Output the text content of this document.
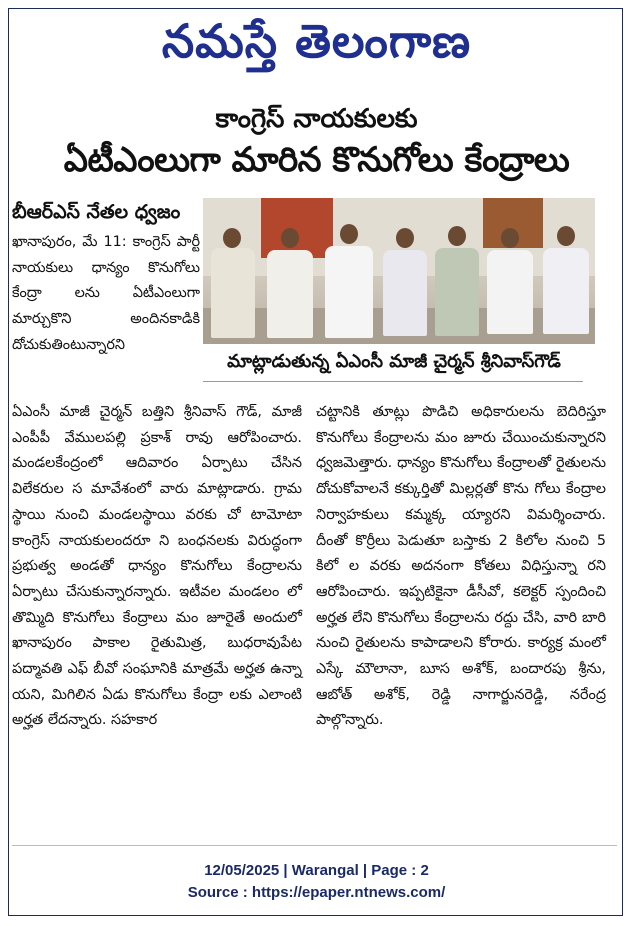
నమస్తే తెలంగాణ
కాంగ్రెస్ నాయకులకు
ఏటీఎంలుగా మారిన కొనుగోలు కేంద్రాలు
బీఆర్ఎస్ నేతల ధ్వజం
ఖానాపురం, మే 11: కాంగ్రెస్ పార్టీ నాయకులు ధాన్యం కొనుగోలు కేంద్రా లను ఏటీఎంలుగా మార్చుకొని అందినకాడికి దోచుకుతింటున్నారని
మాట్లాడుతున్న ఏఎంసీ మాజీ చైర్మన్ శ్రీనివాస్‌గౌడ్
ఏఎంసీ మాజీ చైర్మన్ బత్తిని శ్రీనివాస్ గౌడ్, మాజీ ఎంపీపీ వేములపల్లి ప్రకాశ్ రావు ఆరోపించారు. మండలకేంద్రంలో ఆదివారం ఏర్పాటు చేసిన విలేకరుల స మావేశంలో వారు మాట్లాడారు. గ్రామ స్థాయి నుంచి మండలస్థాయి వరకు చో టామోటా కాంగ్రెస్ నాయకులందరూ ని బంధనలకు విరుద్ధంగా ప్రభుత్వ అండతో ధాన్యం కొనుగోలు కేంద్రాలను ఏర్పాటు చేసుకున్నారన్నారు. ఇటీవల మండలం లో తొమ్మిది కొనుగోలు కేంద్రాలు మం జూరైతే అందులో ఖానాపురం పాకాల రైతుమిత్ర, బుధరావుపేట పద్మావతి ఎఫ్ బీవో సంఘానికి మాత్రమే అర్హత ఉన్నా యని, మిగిలిన ఏడు కొనుగోలు కేంద్రా లకు ఎలాంటి అర్హత లేదన్నారు. సహకార
చట్టానికి తూట్లు పొడిచి అధికారులను బెదిరిస్తూ కొనుగోలు కేంద్రాలను మం జూరు చేయించుకున్నారని ధ్వజమెత్తారు. ధాన్యం కొనుగోలు కేంద్రాలతో రైతులను దోచుకోవాలనే కక్కుర్తితో మిల్లర్లతో కొను గోలు కేంద్రాల నిర్వాహకులు కమ్మక్క య్యారని విమర్శించారు. దీంతో కొర్రీలు పెడుతూ బస్తాకు 2 కిలోల నుంచి 5 కిలో ల వరకు అదనంగా కోతలు విధిస్తున్నా రని ఆరోపించారు. ఇప్పటికైనా డీసీవో, కలెక్టర్ స్పందించి అర్హత లేని కొనుగోలు కేంద్రాలను రద్దు చేసి, వారి బారి నుంచి రైతులను కాపాడాలని కోరారు. కార్యక్ర మంలో ఎస్కే మౌలానా, బూస అశోక్, బందారపు శ్రీను, ఆబోత్ అశోక్, రెడ్డి నాగార్జునరెడ్డి, నరేంద్ర పాల్గొన్నారు.
12/05/2025 | Warangal | Page : 2
Source : https://epaper.ntnews.com/
